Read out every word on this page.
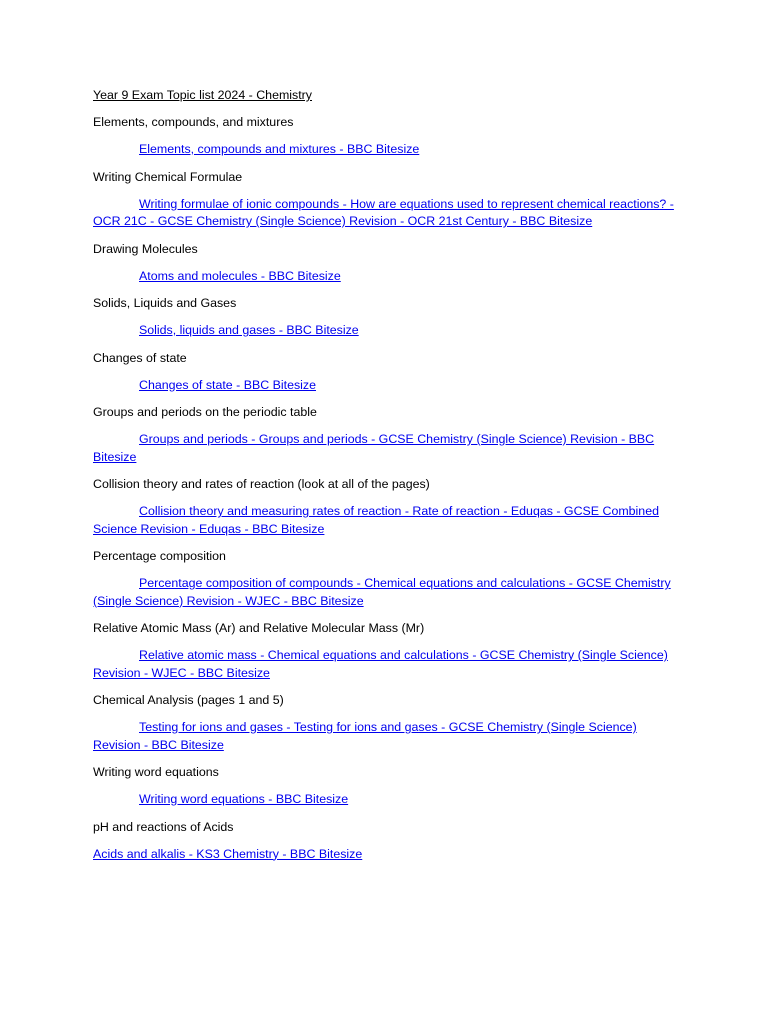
Year 9 Exam Topic list 2024 - Chemistry
Elements, compounds, and mixtures
Elements, compounds and mixtures - BBC Bitesize
Writing Chemical Formulae
Writing formulae of ionic compounds - How are equations used to represent chemical reactions? - OCR 21C - GCSE Chemistry (Single Science) Revision - OCR 21st Century - BBC Bitesize
Drawing Molecules
Atoms and molecules - BBC Bitesize
Solids, Liquids and Gases
Solids, liquids and gases - BBC Bitesize
Changes of state
Changes of state - BBC Bitesize
Groups and periods on the periodic table
Groups and periods - Groups and periods - GCSE Chemistry (Single Science) Revision - BBC Bitesize
Collision theory and rates of reaction (look at all of the pages)
Collision theory and measuring rates of reaction - Rate of reaction - Eduqas - GCSE Combined Science Revision - Eduqas - BBC Bitesize
Percentage composition
Percentage composition of compounds - Chemical equations and calculations - GCSE Chemistry (Single Science) Revision - WJEC - BBC Bitesize
Relative Atomic Mass (Ar) and Relative Molecular Mass (Mr)
Relative atomic mass - Chemical equations and calculations - GCSE Chemistry (Single Science) Revision - WJEC - BBC Bitesize
Chemical Analysis (pages 1 and 5)
Testing for ions and gases - Testing for ions and gases - GCSE Chemistry (Single Science) Revision - BBC Bitesize
Writing word equations
Writing word equations - BBC Bitesize
pH and reactions of Acids
Acids and alkalis - KS3 Chemistry - BBC Bitesize
